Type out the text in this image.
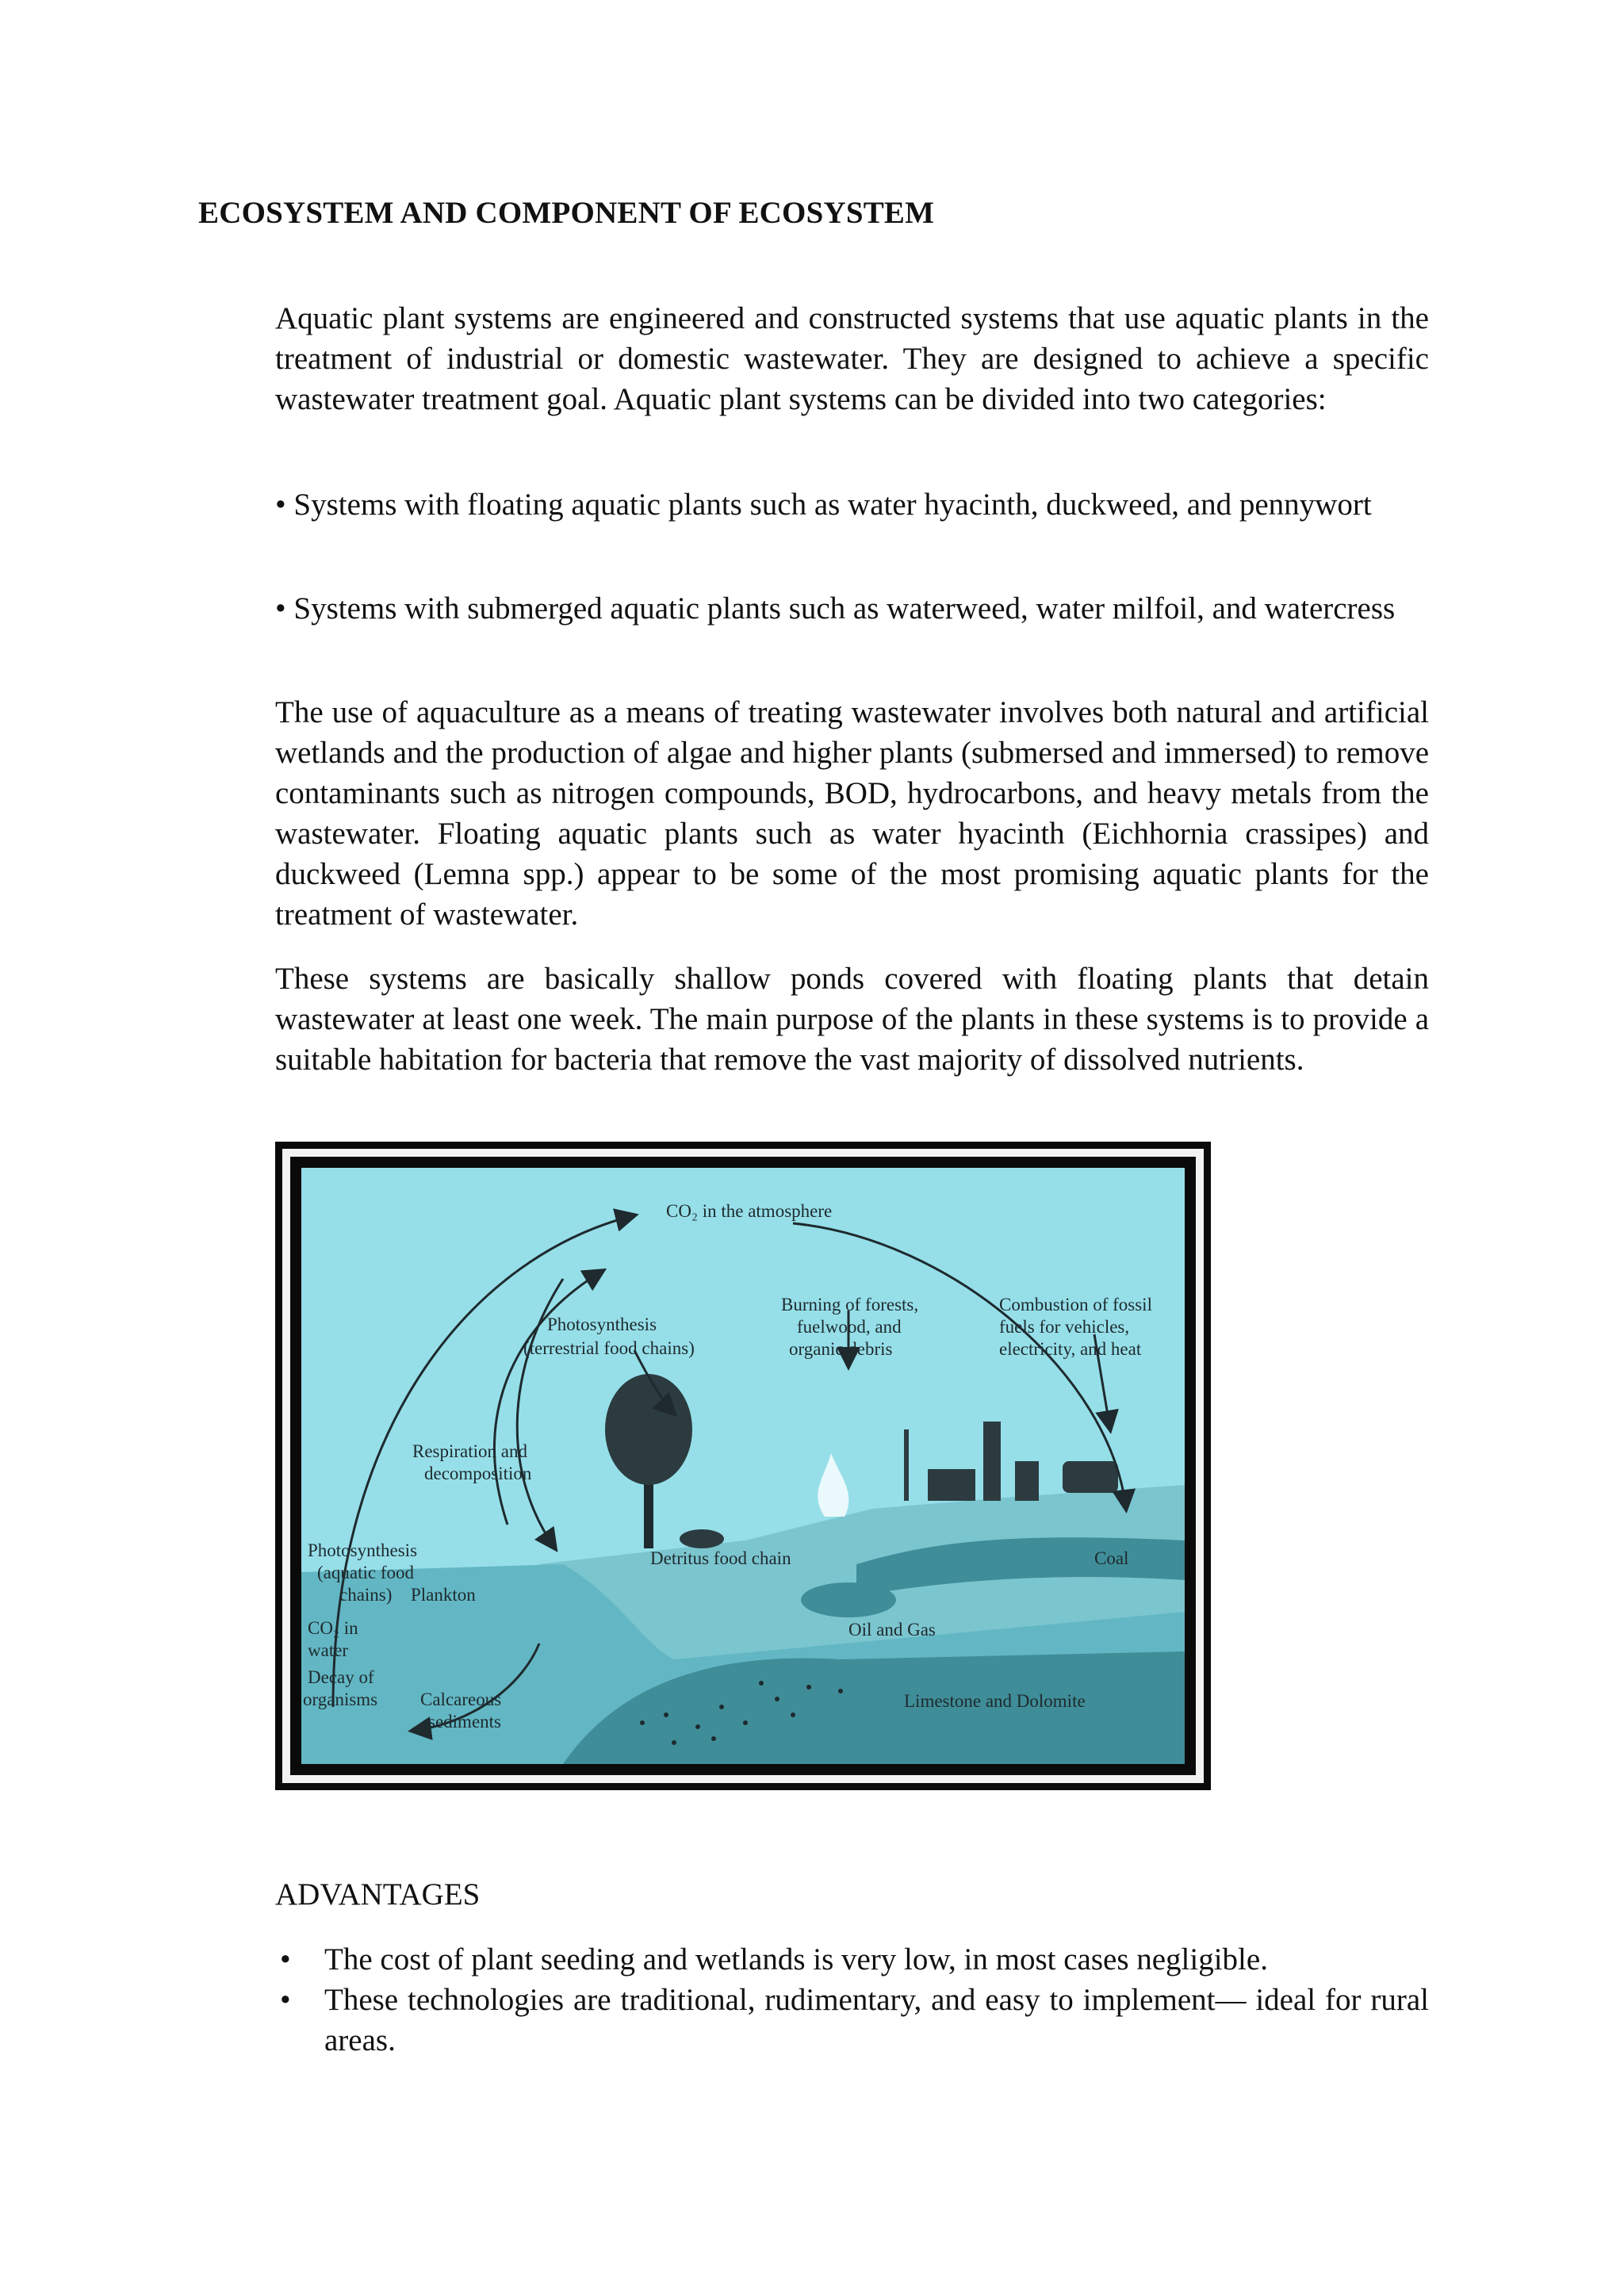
ECOSYSTEM AND COMPONENT OF ECOSYSTEM

Aquatic plant systems are engineered and constructed systems that use aquatic plants in the treatment of industrial or domestic wastewater. They are designed to achieve a specific wastewater treatment goal. Aquatic plant systems can be divided into two categories:

• Systems with floating aquatic plants such as water hyacinth, duckweed, and pennywort

• Systems with submerged aquatic plants such as waterweed, water milfoil, and watercress

The use of aquaculture as a means of treating wastewater involves both natural and artificial wetlands and the production of algae and higher plants (submersed and immersed) to remove contaminants such as nitrogen compounds, BOD, hydrocarbons, and heavy metals from the wastewater. Floating aquatic plants such as water hyacinth (Eichhornia crassipes) and duckweed (Lemna spp.) appear to be some of the most promising aquatic plants for the treatment of wastewater.

These systems are basically shallow ponds covered with floating plants that detain wastewater at least one week. The main purpose of the plants in these systems is to provide a suitable habitation for bacteria that remove the vast majority of dissolved nutrients.

CO₂ in the atmosphere
Photosynthesis
(terrestrial food chains)
Burning of forests,
fuelwood, and
organic debris
Combustion of fossil
fuels for vehicles,
electricity, and heat
Respiration and
decomposition
Photosynthesis
(aquatic food
chains) Plankton
CO₂ in
water
Decay of
organisms Calcareous
sediments
Detritus food chain	Coal
Oil and Gas
Limestone and Dolomite

ADVANTAGES

• The cost of plant seeding and wetlands is very low, in most cases negligible.
• These technologies are traditional, rudimentary, and easy to implement— ideal for rural areas.
